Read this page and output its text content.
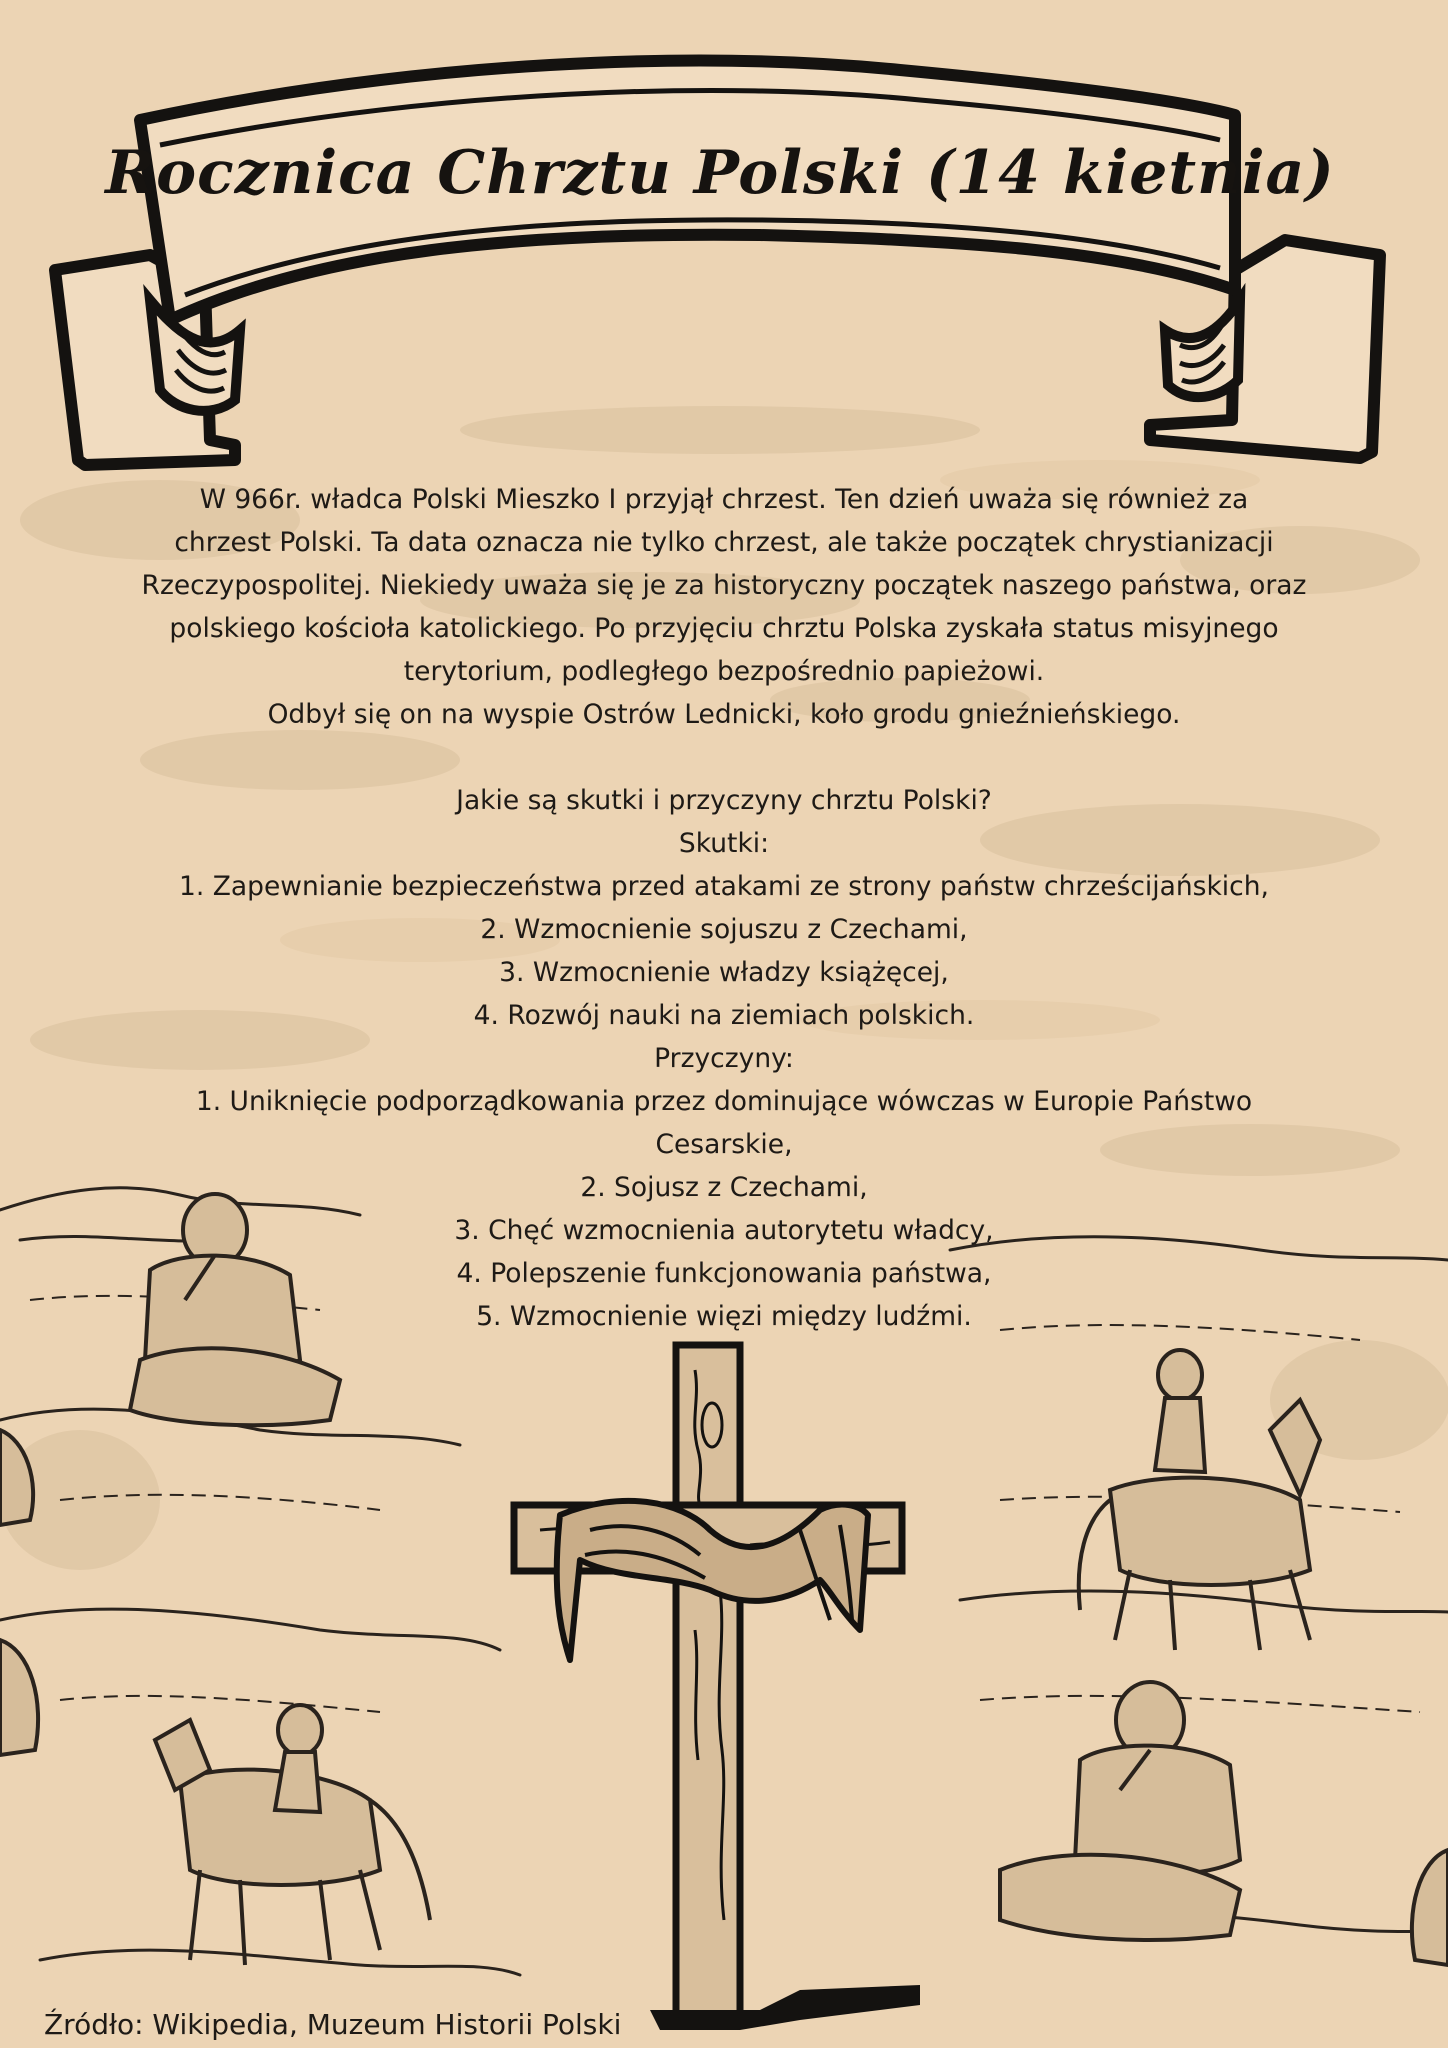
Rocznica Chrztu Polski (14 kietnia)

W 966r. władca Polski Mieszko I przyjął chrzest. Ten dzień uważa się również za

chrzest Polski. Ta data oznacza nie tylko chrzest, ale także początek chrystianizacji

Rzeczypospolitej. Niekiedy uważa się je za historyczny początek naszego państwa, oraz

polskiego kościoła katolickiego. Po przyjęciu chrztu Polska zyskała status misyjnego

terytorium, podległego bezpośrednio papieżowi.

Odbył się on na wyspie Ostrów Lednicki, koło grodu gnieźnieńskiego.

Jakie są skutki i przyczyny chrztu Polski?

Skutki:

1. Zapewnianie bezpieczeństwa przed atakami ze strony państw chrześcijańskich,

2. Wzmocnienie sojuszu z Czechami,

3. Wzmocnienie władzy książęcej,

4. Rozwój nauki na ziemiach polskich.

Przyczyny:

1. Uniknięcie podporządkowania przez dominujące wówczas w Europie Państwo

Cesarskie,

2. Sojusz z Czechami,

3. Chęć wzmocnienia autorytetu władcy,

4. Polepszenie funkcjonowania państwa,

5. Wzmocnienie więzi między ludźmi.

Źródło: Wikipedia, Muzeum Historii Polski
